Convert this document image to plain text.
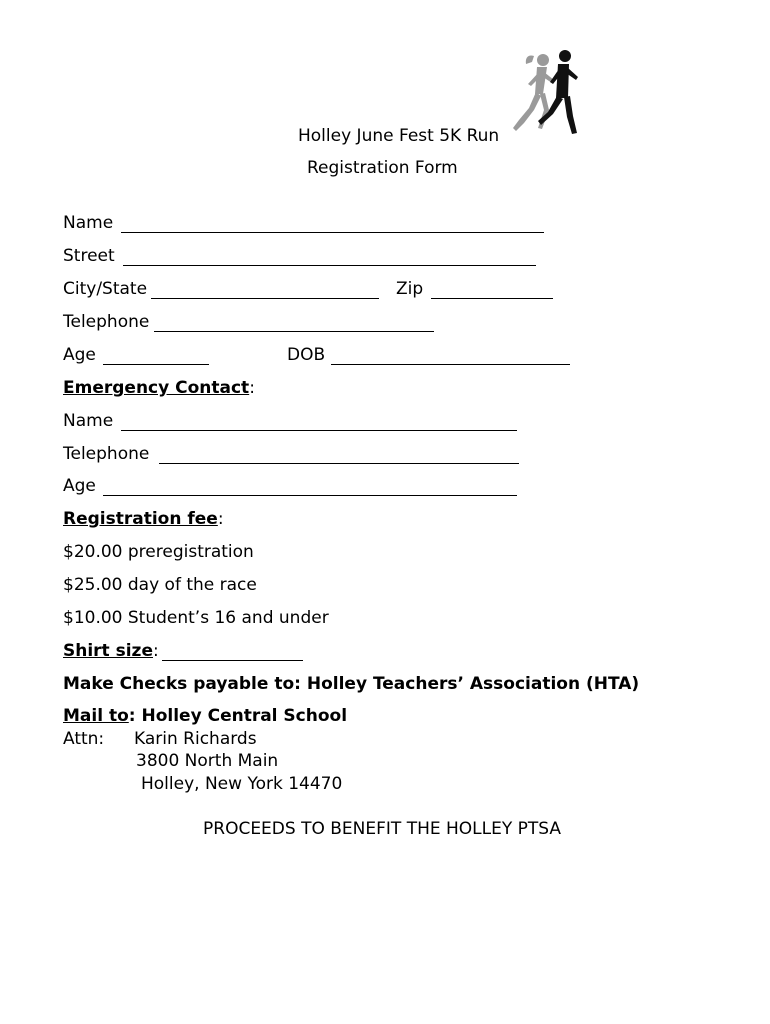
Holley June Fest 5K Run
Registration Form
Name
Street
City/State	Zip
Telephone
Age	DOB
Emergency Contact:
Name
Telephone
Age
Registration fee:
$20.00 preregistration
$25.00 day of the race
$10.00 Student’s 16 and under
Shirt size:
Make Checks payable to: Holley Teachers’ Association (HTA)
Mail to: Holley Central School
Attn: Karin Richards
3800 North Main
Holley, New York 14470
PROCEEDS TO BENEFIT THE HOLLEY PTSA
